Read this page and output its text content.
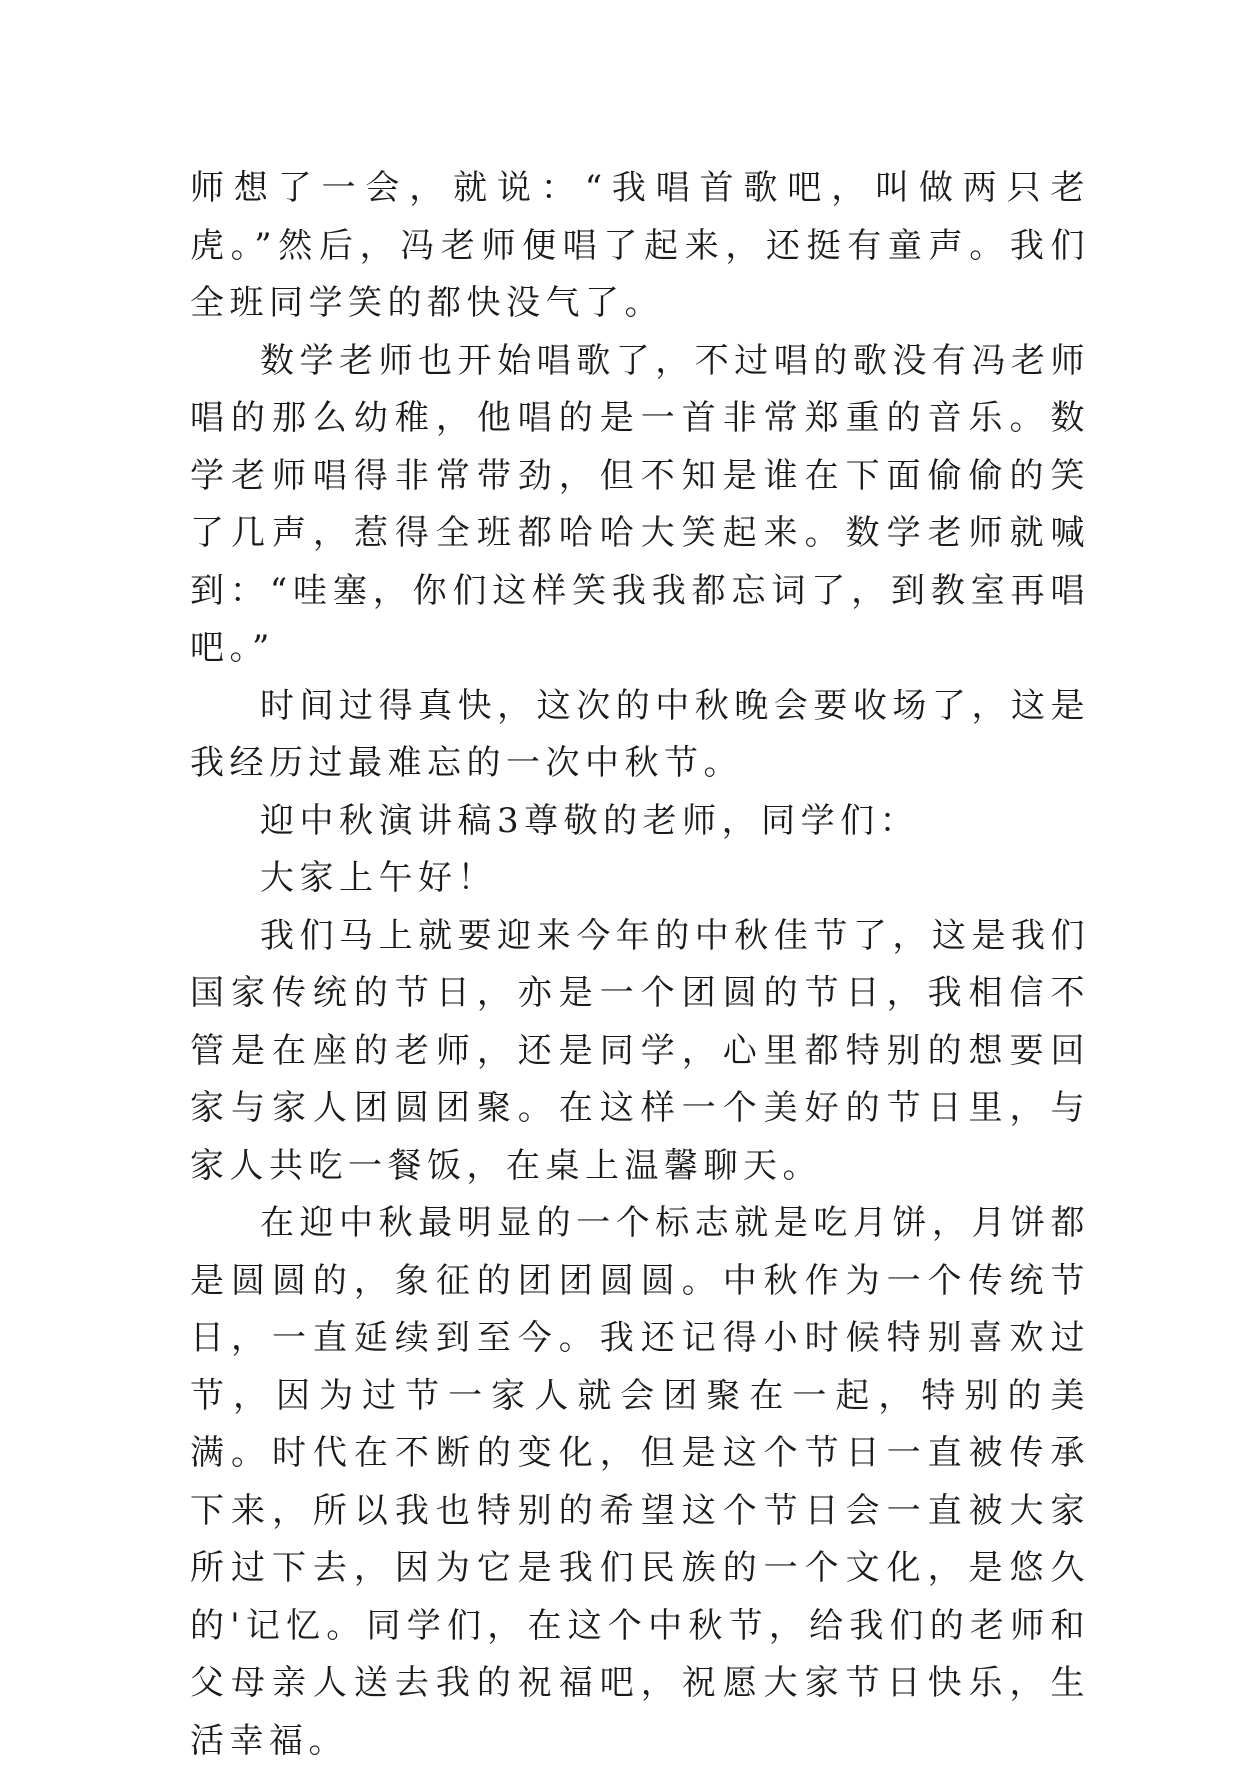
师想了一会，就说：“我唱首歌吧，叫做两只老虎。”然后，冯老师便唱了起来，还挺有童声。我们全班同学笑的都快没气了。

数学老师也开始唱歌了，不过唱的歌没有冯老师唱的那么幼稚，他唱的是一首非常郑重的音乐。数学老师唱得非常带劲，但不知是谁在下面偷偷的笑了几声，惹得全班都哈哈大笑起来。数学老师就喊到：“哇塞，你们这样笑我我都忘词了，到教室再唱吧。”

时间过得真快，这次的中秋晚会要收场了，这是我经历过最难忘的一次中秋节。

迎中秋演讲稿3尊敬的老师，同学们：

大家上午好！

我们马上就要迎来今年的中秋佳节了，这是我们国家传统的节日，亦是一个团圆的节日，我相信不管是在座的老师，还是同学，心里都特别的想要回家与家人团圆团聚。在这样一个美好的节日里，与家人共吃一餐饭，在桌上温馨聊天。

在迎中秋最明显的一个标志就是吃月饼，月饼都是圆圆的，象征的团团圆圆。中秋作为一个传统节日，一直延续到至今。我还记得小时候特别喜欢过节，因为过节一家人就会团聚在一起，特别的美满。时代在不断的变化，但是这个节日一直被传承下来，所以我也特别的希望这个节日会一直被大家所过下去，因为它是我们民族的一个文化，是悠久的'记忆。同学们，在这个中秋节，给我们的老师和父母亲人送去我的祝福吧，祝愿大家节日快乐，生活幸福。
